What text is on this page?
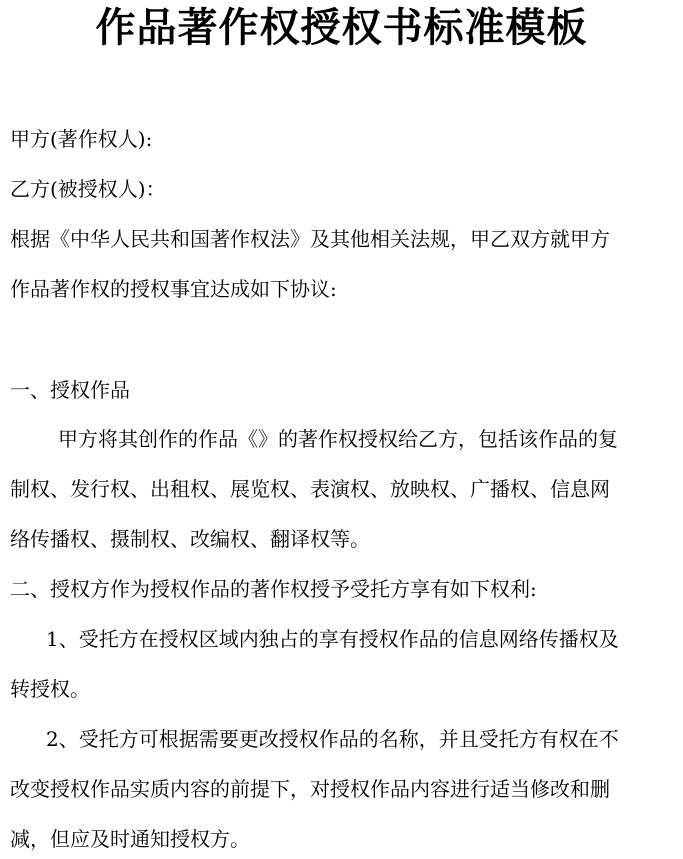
作品著作权授权书标准模板
甲方(著作权人):
乙方(被授权人)：
根据《中华人民共和国著作权法》及其他相关法规，甲乙双方就甲方
作品著作权的授权事宜达成如下协议:
一、授权作品
甲方将其创作的作品《》的著作权授权给乙方，包括该作品的复
制权、发行权、出租权、展览权、表演权、放映权、广播权、信息网
络传播权、摄制权、改编权、翻译权等。
二、授权方作为授权作品的著作权授予受托方享有如下权利:
1、受托方在授权区域内独占的享有授权作品的信息网络传播权及
转授权。
2、受托方可根据需要更改授权作品的名称，并且受托方有权在不
改变授权作品实质内容的前提下，对授权作品内容进行适当修改和删
减，但应及时通知授权方。
